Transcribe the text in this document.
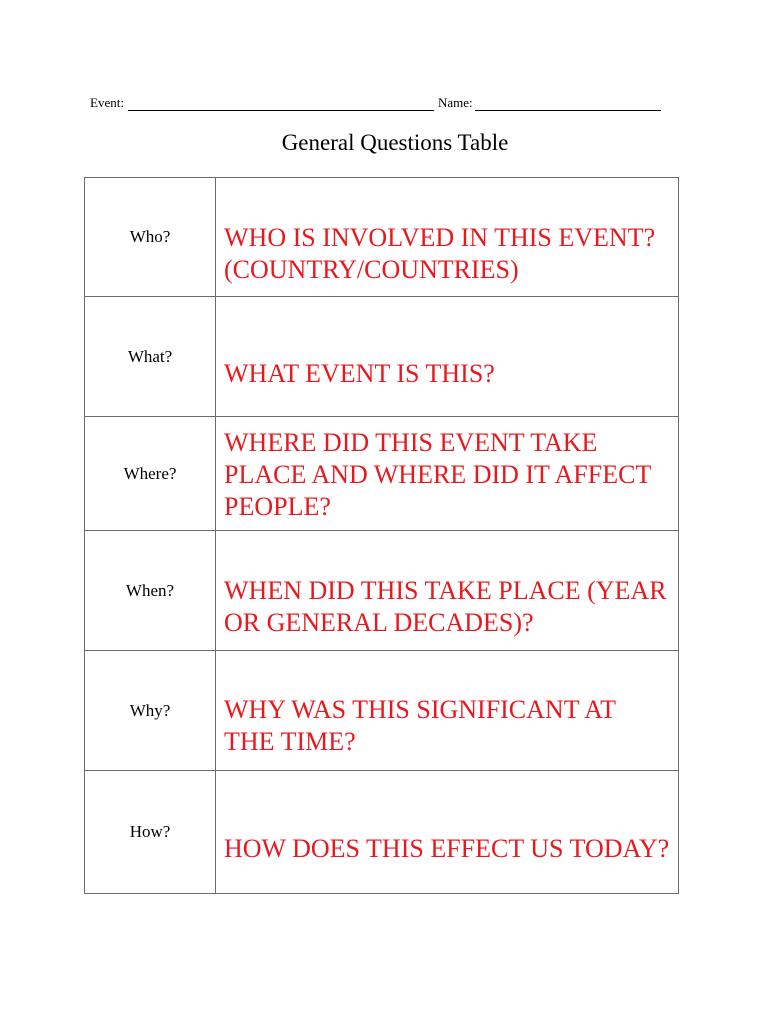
Event:	Name:
General Questions Table
Who?	WHO IS INVOLVED IN THIS EVENT? (COUNTRY/COUNTRIES)
What?	WHAT EVENT IS THIS?
Where?	WHERE DID THIS EVENT TAKE PLACE AND WHERE DID IT AFFECT PEOPLE?
When?	WHEN DID THIS TAKE PLACE (YEAR OR GENERAL DECADES)?
Why?	WHY WAS THIS SIGNIFICANT AT THE TIME?
How?	HOW DOES THIS EFFECT US TODAY?
